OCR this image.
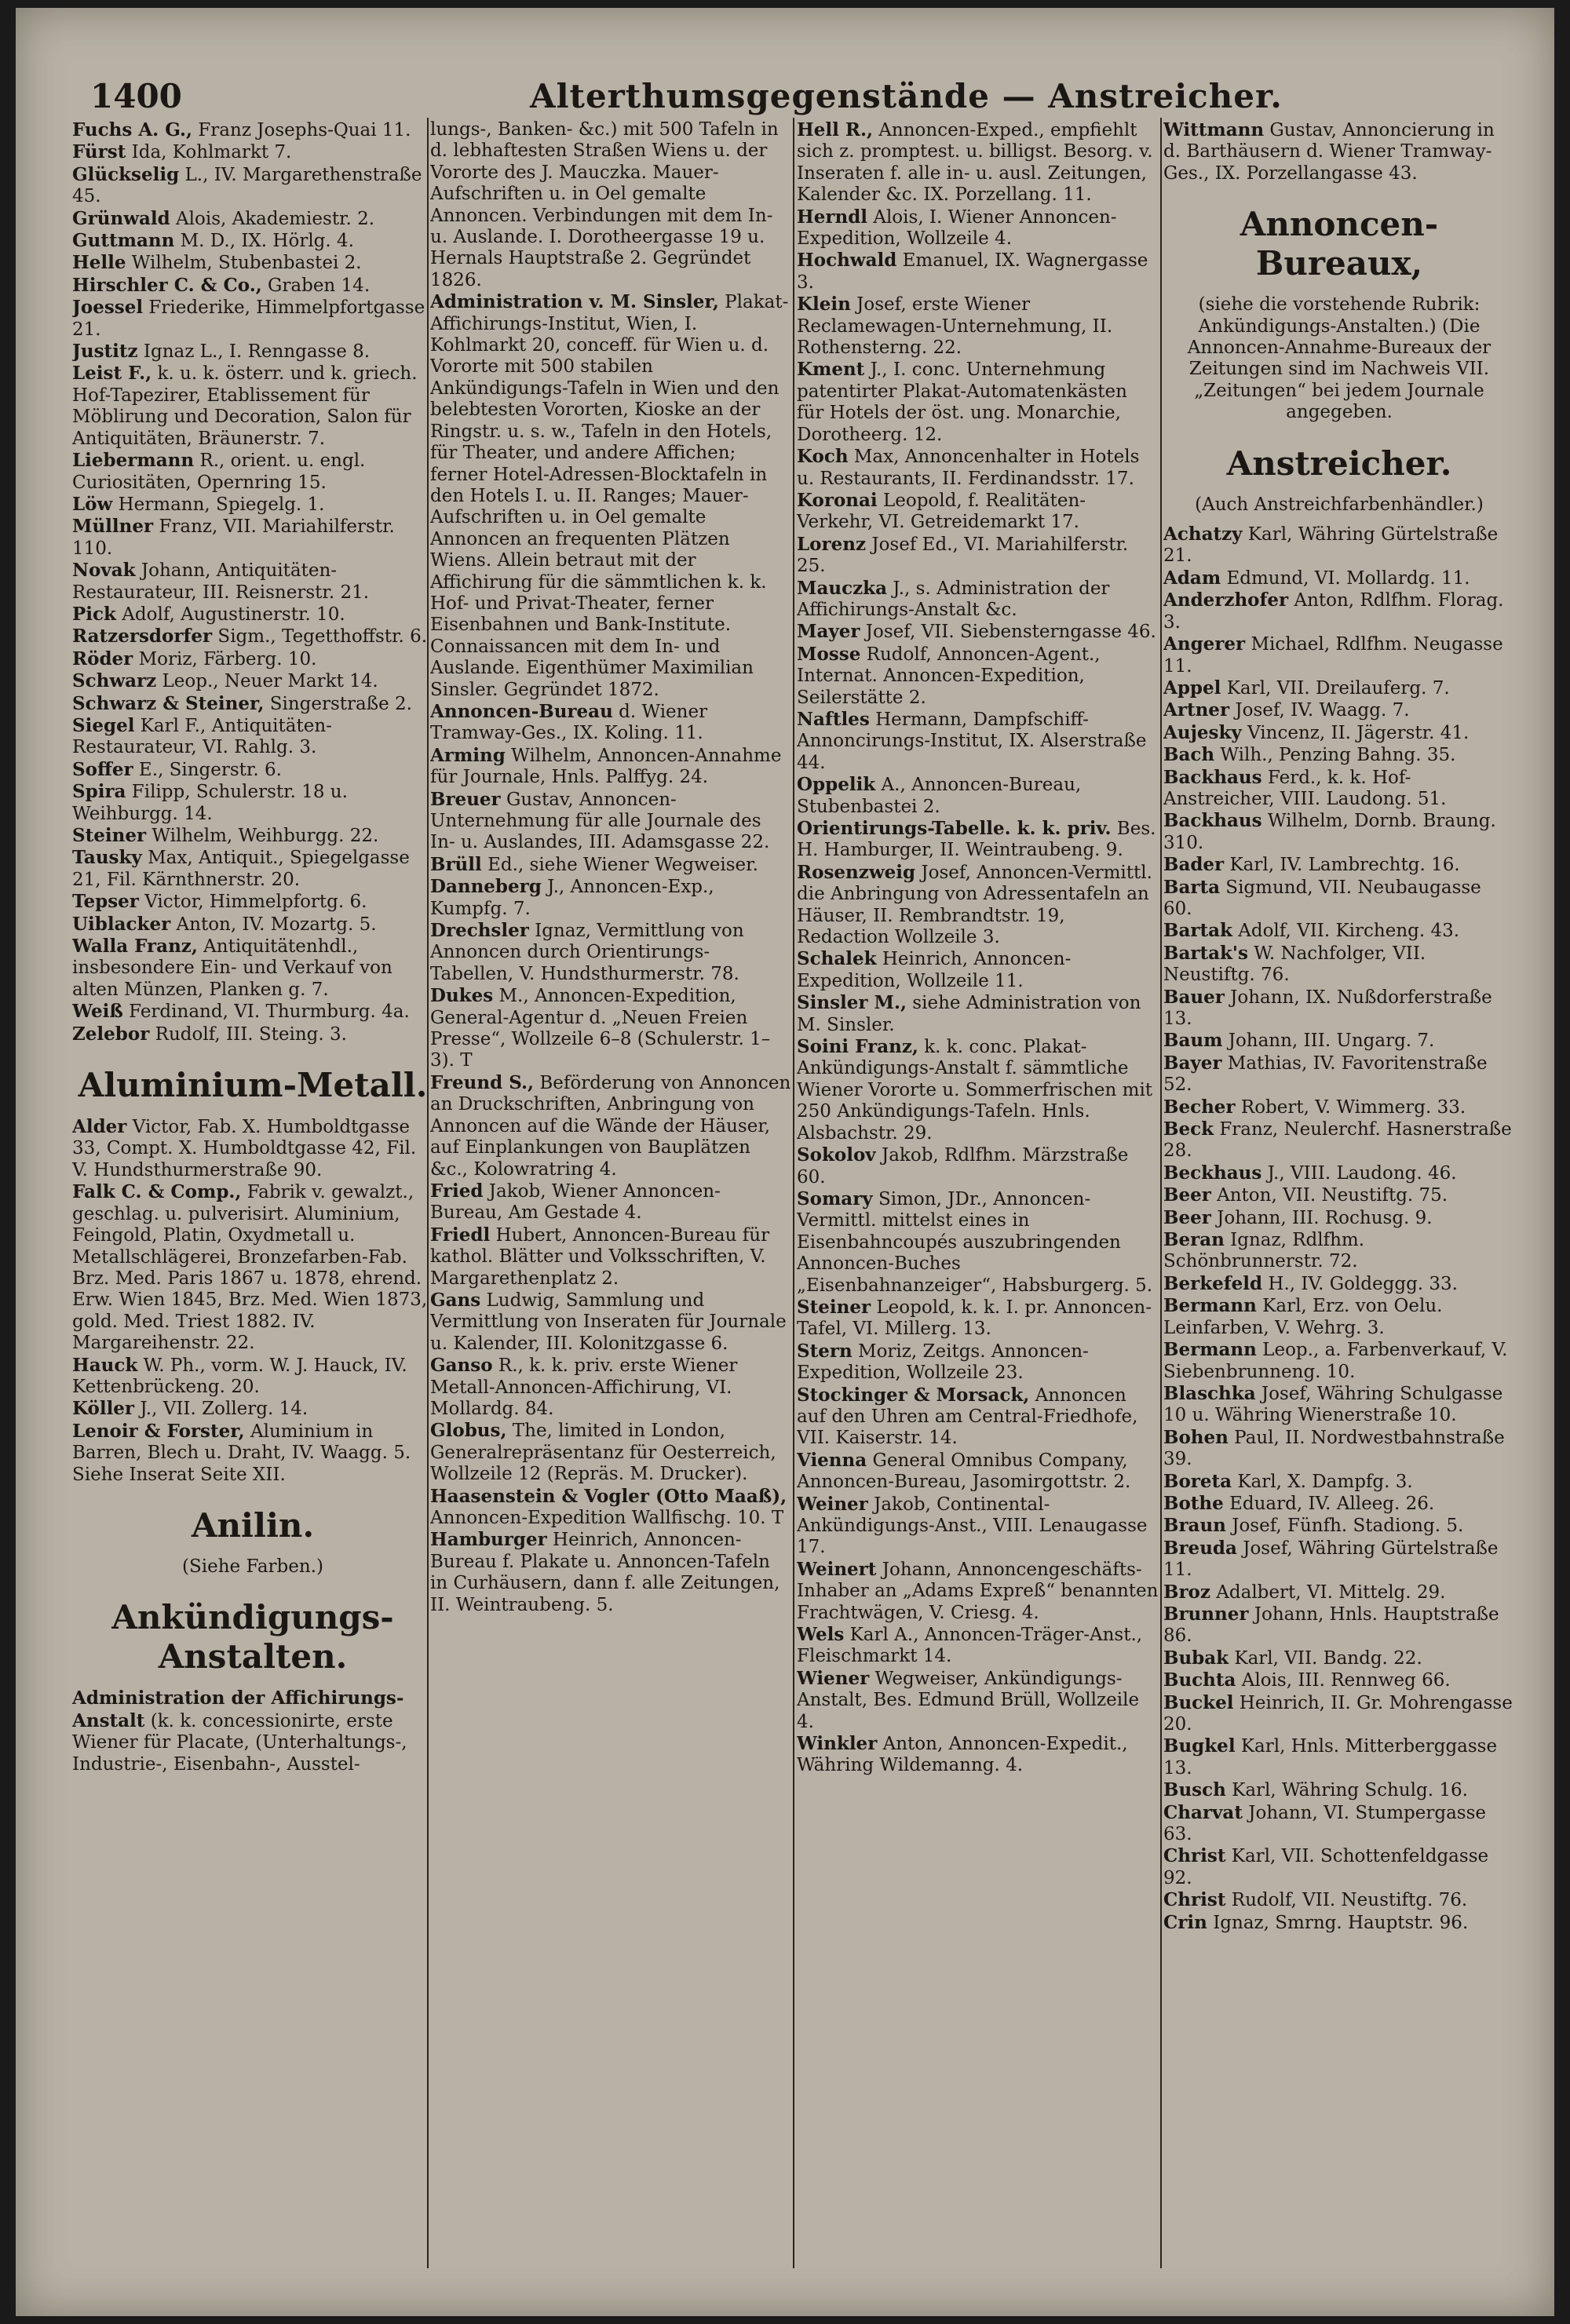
1400	Alterthumsgegenstände — Anstreicher.

Fuchs A. G., Franz Josephs-Quai 11.

Fürst Ida, Kohlmarkt 7.

Glückselig L., IV. Margarethenstraße 45.

Grünwald Alois, Akademiestr. 2.

Guttmann M. D., IX. Hörlg. 4.

Helle Wilhelm, Stubenbastei 2.

Hirschler C. & Co., Graben 14.

Joessel Friederike, Himmelpfortgasse 21.

Justitz Ignaz L., I. Renngasse 8.

Leist F., k. u. k. österr. und k. griech. Hof-Tapezirer, Etablissement für Möblirung und Decoration, Salon für Antiquitäten, Bräunerstr. 7.

Liebermann R., orient. u. engl. Curiositäten, Opernring 15.

Löw Hermann, Spiegelg. 1.

Müllner Franz, VII. Mariahilferstr. 110.

Novak Johann, Antiquitäten-Restaurateur, III. Reisnerstr. 21.

Pick Adolf, Augustinerstr. 10.

Ratzersdorfer Sigm., Tegetthoffstr. 6.

Röder Moriz, Färberg. 10.

Schwarz Leop., Neuer Markt 14.

Schwarz & Steiner, Singerstraße 2.

Siegel Karl F., Antiquitäten-Restaurateur, VI. Rahlg. 3.

Soffer E., Singerstr. 6.

Spira Filipp, Schulerstr. 18 u. Weihburgg. 14.

Steiner Wilhelm, Weihburgg. 22.

Tausky Max, Antiquit., Spiegelgasse 21, Fil. Kärnthnerstr. 20.

Tepser Victor, Himmelpfortg. 6.

Uiblacker Anton, IV. Mozartg. 5.

Walla Franz, Antiquitätenhdl., insbesondere Ein- und Verkauf von alten Münzen, Planken g. 7.

Weiß Ferdinand, VI. Thurmburg. 4a.

Zelebor Rudolf, III. Steing. 3.

Aluminium-Metall.

Alder Victor, Fab. X. Humboldtgasse 33, Compt. X. Humboldtgasse 42, Fil. V. Hundsthurmerstraße 90.

Falk C. & Comp., Fabrik v. gewalzt., geschlag. u. pulverisirt. Aluminium, Feingold, Platin, Oxydmetall u. Metallschlägerei, Bronzefarben-Fab. Brz. Med. Paris 1867 u. 1878, ehrend. Erw. Wien 1845, Brz. Med. Wien 1873, gold. Med. Triest 1882. IV. Margareihenstr. 22.

Hauck W. Ph., vorm. W. J. Hauck, IV. Kettenbrückeng. 20.

Köller J., VII. Zollerg. 14.

Lenoir & Forster, Aluminium in Barren, Blech u. Draht, IV. Waagg. 5. Siehe Inserat Seite XII.

Anilin.
(Siehe Farben.)
Ankündigungs-Anstalten.

Administration der Affichirungs-Anstalt (k. k. concessionirte, erste Wiener für Placate, (Unterhaltungs-, Industrie-, Eisenbahn-, Ausstel-

lungs-, Banken- &c.) mit 500 Tafeln in d. lebhaftesten Straßen Wiens u. der Vororte des J. Mauczka. Mauer-Aufschriften u. in Oel gemalte Annoncen. Verbindungen mit dem In- u. Auslande. I. Dorotheergasse 19 u. Hernals Hauptstraße 2. Gegründet 1826.

Administration v. M. Sinsler, Plakat-Affichirungs-Institut, Wien, I. Kohlmarkt 20, conceff. für Wien u. d. Vororte mit 500 stabilen Ankündigungs-Tafeln in Wien und den belebtesten Vororten, Kioske an der Ringstr. u. s. w., Tafeln in den Hotels, für Theater, und andere Affichen; ferner Hotel-Adressen-Blocktafeln in den Hotels I. u. II. Ranges; Mauer-Aufschriften u. in Oel gemalte Annoncen an frequenten Plätzen Wiens. Allein betraut mit der Affichirung für die sämmtlichen k. k. Hof- und Privat-Theater, ferner Eisenbahnen und Bank-Institute. Connaissancen mit dem In- und Auslande. Eigenthümer Maximilian Sinsler. Gegründet 1872.

Annoncen-Bureau d. Wiener Tramway-Ges., IX. Koling. 11.

Arming Wilhelm, Annoncen-Annahme für Journale, Hnls. Palffyg. 24.

Breuer Gustav, Annoncen-Unternehmung für alle Journale des In- u. Auslandes, III. Adamsgasse 22.

Brüll Ed., siehe Wiener Wegweiser.

Danneberg J., Annoncen-Exp., Kumpfg. 7.

Drechsler Ignaz, Vermittlung von Annoncen durch Orientirungs-Tabellen, V. Hundsthurmerstr. 78.

Dukes M., Annoncen-Expedition, General-Agentur d. „Neuen Freien Presse“, Wollzeile 6–8 (Schulerstr. 1–3). T

Freund S., Beförderung von Annoncen an Druckschriften, Anbringung von Annoncen auf die Wände der Häuser, auf Einplankungen von Bauplätzen &c., Kolowratring 4.

Fried Jakob, Wiener Annoncen-Bureau, Am Gestade 4.

Friedl Hubert, Annoncen-Bureau für kathol. Blätter und Volksschriften, V. Margarethenplatz 2.

Gans Ludwig, Sammlung und Vermittlung von Inseraten für Journale u. Kalender, III. Kolonitzgasse 6.

Ganso R., k. k. priv. erste Wiener Metall-Annoncen-Affichirung, VI. Mollardg. 84.

Globus, The, limited in London, Generalrepräsentanz für Oesterreich, Wollzeile 12 (Repräs. M. Drucker).

Haasenstein & Vogler (Otto Maaß), Annoncen-Expedition Wallfischg. 10. T

Hamburger Heinrich, Annoncen-Bureau f. Plakate u. Annoncen-Tafeln in Curhäusern, dann f. alle Zeitungen, II. Weintraubeng. 5.

Hell R., Annoncen-Exped., empfiehlt sich z. promptest. u. billigst. Besorg. v. Inseraten f. alle in- u. ausl. Zeitungen, Kalender &c. IX. Porzellang. 11.

Herndl Alois, I. Wiener Annoncen-Expedition, Wollzeile 4.

Hochwald Emanuel, IX. Wagnergasse 3.

Klein Josef, erste Wiener Reclamewagen-Unternehmung, II. Rothensterng. 22.

Kment J., I. conc. Unternehmung patentirter Plakat-Automatenkästen für Hotels der öst. ung. Monarchie, Dorotheerg. 12.

Koch Max, Annoncenhalter in Hotels u. Restaurants, II. Ferdinandsstr. 17.

Koronai Leopold, f. Realitäten-Verkehr, VI. Getreidemarkt 17.

Lorenz Josef Ed., VI. Mariahilferstr. 25.

Mauczka J., s. Administration der Affichirungs-Anstalt &c.

Mayer Josef, VII. Siebensterngasse 46.

Mosse Rudolf, Annoncen-Agent., Internat. Annoncen-Expedition, Seilerstätte 2.

Naftles Hermann, Dampfschiff-Annoncirungs-Institut, IX. Alserstraße 44.

Oppelik A., Annoncen-Bureau, Stubenbastei 2.

Orientirungs-Tabelle. k. k. priv. Bes. H. Hamburger, II. Weintraubeng. 9.

Rosenzweig Josef, Annoncen-Vermittl. die Anbringung von Adressentafeln an Häuser, II. Rembrandtstr. 19, Redaction Wollzeile 3.

Schalek Heinrich, Annoncen-Expedition, Wollzeile 11.

Sinsler M., siehe Administration von M. Sinsler.

Soini Franz, k. k. conc. Plakat-Ankündigungs-Anstalt f. sämmtliche Wiener Vororte u. Sommerfrischen mit 250 Ankündigungs-Tafeln. Hnls. Alsbachstr. 29.

Sokolov Jakob, Rdlfhm. Märzstraße 60.

Somary Simon, JDr., Annoncen-Vermittl. mittelst eines in Eisenbahncoupés auszubringenden Annoncen-Buches „Eisenbahnanzeiger“, Habsburgerg. 5.

Steiner Leopold, k. k. I. pr. Annoncen-Tafel, VI. Millerg. 13.

Stern Moriz, Zeitgs. Annoncen-Expedition, Wollzeile 23.

Stockinger & Morsack, Annoncen auf den Uhren am Central-Friedhofe, VII. Kaiserstr. 14.

Vienna General Omnibus Company, Annoncen-Bureau, Jasomirgottstr. 2.

Weiner Jakob, Continental-Ankündigungs-Anst., VIII. Lenaugasse 17.

Weinert Johann, Annoncengeschäfts-Inhaber an „Adams Expreß“ benannten Frachtwägen, V. Criesg. 4.

Wels Karl A., Annoncen-Träger-Anst., Fleischmarkt 14.

Wiener Wegweiser, Ankündigungs-Anstalt, Bes. Edmund Brüll, Wollzeile 4.

Winkler Anton, Annoncen-Expedit., Währing Wildemanng. 4.

Wittmann Gustav, Annoncierung in d. Barthäusern d. Wiener Tramway-Ges., IX. Porzellangasse 43.

Annoncen-Bureaux,
(siehe die vorstehende Rubrik: Ankündigungs-Anstalten.) (Die Annoncen-Annahme-Bureaux der Zeitungen sind im Nachweis VII. „Zeitungen“ bei jedem Journale angegeben.
Anstreicher.
(Auch Anstreichfarbenhändler.)

Achatzy Karl, Währing Gürtelstraße 21.

Adam Edmund, VI. Mollardg. 11.

Anderzhofer Anton, Rdlfhm. Florag. 3.

Angerer Michael, Rdlfhm. Neugasse 11.

Appel Karl, VII. Dreilauferg. 7.

Artner Josef, IV. Waagg. 7.

Aujesky Vincenz, II. Jägerstr. 41.

Bach Wilh., Penzing Bahng. 35.

Backhaus Ferd., k. k. Hof-Anstreicher, VIII. Laudong. 51.

Backhaus Wilhelm, Dornb. Braung. 310.

Bader Karl, IV. Lambrechtg. 16.

Barta Sigmund, VII. Neubaugasse 60.

Bartak Adolf, VII. Kircheng. 43.

Bartak's W. Nachfolger, VII. Neustiftg. 76.

Bauer Johann, IX. Nußdorferstraße 13.

Baum Johann, III. Ungarg. 7.

Bayer Mathias, IV. Favoritenstraße 52.

Becher Robert, V. Wimmerg. 33.

Beck Franz, Neulerchf. Hasnerstraße 28.

Beckhaus J., VIII. Laudong. 46.

Beer Anton, VII. Neustiftg. 75.

Beer Johann, III. Rochusg. 9.

Beran Ignaz, Rdlfhm. Schönbrunnerstr. 72.

Berkefeld H., IV. Goldeggg. 33.

Bermann Karl, Erz. von Oelu. Leinfarben, V. Wehrg. 3.

Bermann Leop., a. Farbenverkauf, V. Siebenbrunneng. 10.

Blaschka Josef, Währing Schulgasse 10 u. Währing Wienerstraße 10.

Bohen Paul, II. Nordwestbahnstraße 39.

Boreta Karl, X. Dampfg. 3.

Bothe Eduard, IV. Alleeg. 26.

Braun Josef, Fünfh. Stadiong. 5.

Breuda Josef, Währing Gürtelstraße 11.

Broz Adalbert, VI. Mittelg. 29.

Brunner Johann, Hnls. Hauptstraße 86.

Bubak Karl, VII. Bandg. 22.

Buchta Alois, III. Rennweg 66.

Buckel Heinrich, II. Gr. Mohrengasse 20.

Bugkel Karl, Hnls. Mitterberggasse 13.

Busch Karl, Währing Schulg. 16.

Charvat Johann, VI. Stumpergasse 63.

Christ Karl, VII. Schottenfeldgasse 92.

Christ Rudolf, VII. Neustiftg. 76.

Crin Ignaz, Smrng. Hauptstr. 96.
